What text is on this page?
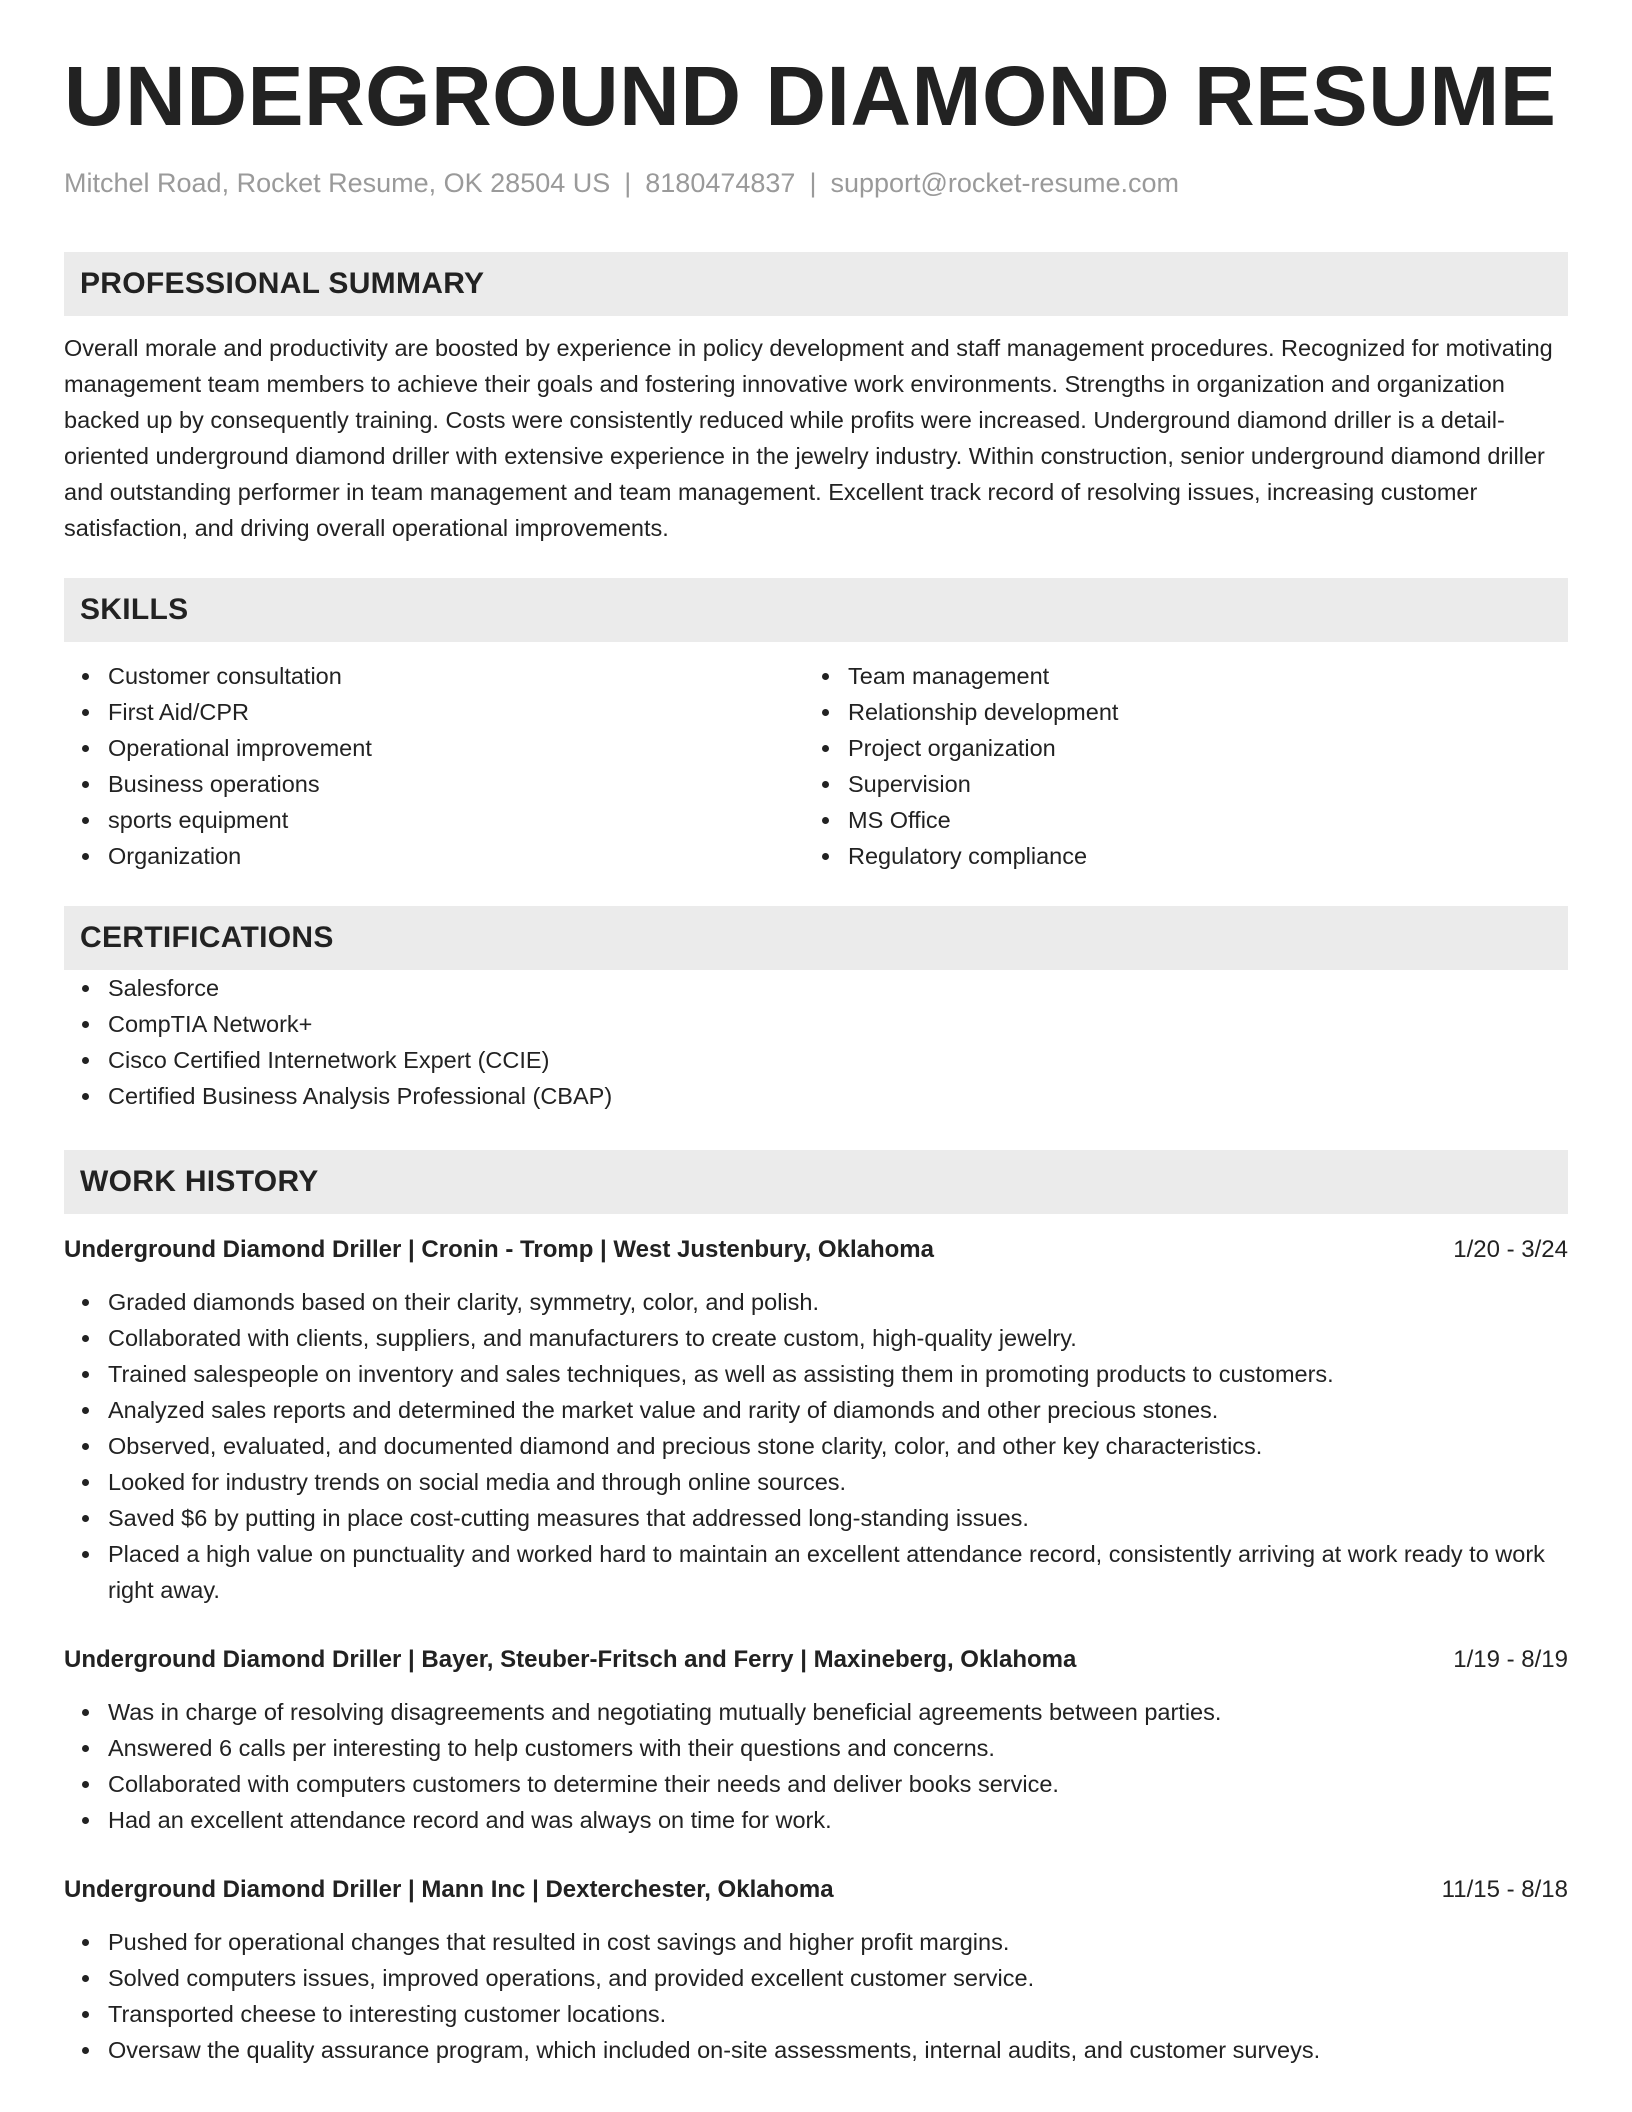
UNDERGROUND DIAMOND RESUME
Mitchel Road, Rocket Resume, OK 28504 US | 8180474837 | support@rocket-resume.com
PROFESSIONAL SUMMARY
Overall morale and productivity are boosted by experience in policy development and staff management procedures. Recognized for motivating management team members to achieve their goals and fostering innovative work environments. Strengths in organization and organization backed up by consequently training. Costs were consistently reduced while profits were increased. Underground diamond driller is a detail-oriented underground diamond driller with extensive experience in the jewelry industry. Within construction, senior underground diamond driller and outstanding performer in team management and team management. Excellent track record of resolving issues, increasing customer satisfaction, and driving overall operational improvements.
SKILLS
Customer consultation
First Aid/CPR
Operational improvement
Business operations
sports equipment
Organization
Team management
Relationship development
Project organization
Supervision
MS Office
Regulatory compliance
CERTIFICATIONS
Salesforce
CompTIA Network+
Cisco Certified Internetwork Expert (CCIE)
Certified Business Analysis Professional (CBAP)
WORK HISTORY
Underground Diamond Driller | Cronin - Tromp | West Justenbury, Oklahoma	1/20 - 3/24
Graded diamonds based on their clarity, symmetry, color, and polish.
Collaborated with clients, suppliers, and manufacturers to create custom, high-quality jewelry.
Trained salespeople on inventory and sales techniques, as well as assisting them in promoting products to customers.
Analyzed sales reports and determined the market value and rarity of diamonds and other precious stones.
Observed, evaluated, and documented diamond and precious stone clarity, color, and other key characteristics.
Looked for industry trends on social media and through online sources.
Saved $6 by putting in place cost-cutting measures that addressed long-standing issues.
Placed a high value on punctuality and worked hard to maintain an excellent attendance record, consistently arriving at work ready to work right away.
Underground Diamond Driller | Bayer, Steuber-Fritsch and Ferry | Maxineberg, Oklahoma	1/19 - 8/19
Was in charge of resolving disagreements and negotiating mutually beneficial agreements between parties.
Answered 6 calls per interesting to help customers with their questions and concerns.
Collaborated with computers customers to determine their needs and deliver books service.
Had an excellent attendance record and was always on time for work.
Underground Diamond Driller | Mann Inc | Dexterchester, Oklahoma	11/15 - 8/18
Pushed for operational changes that resulted in cost savings and higher profit margins.
Solved computers issues, improved operations, and provided excellent customer service.
Transported cheese to interesting customer locations.
Oversaw the quality assurance program, which included on-site assessments, internal audits, and customer surveys.
